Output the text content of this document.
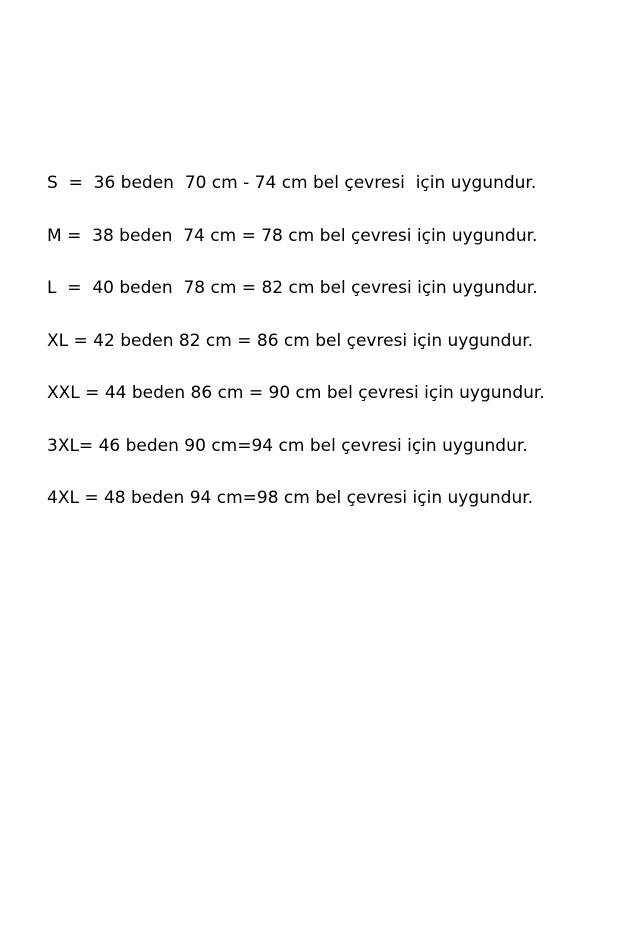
S  =  36 beden  70 cm - 74 cm bel çevresi  için uygundur.
M =  38 beden  74 cm = 78 cm bel çevresi için uygundur.
L  =  40 beden  78 cm = 82 cm bel çevresi için uygundur.
XL = 42 beden 82 cm = 86 cm bel çevresi için uygundur.
XXL = 44 beden 86 cm = 90 cm bel çevresi için uygundur.
3XL= 46 beden 90 cm=94 cm bel çevresi için uygundur.
4XL = 48 beden 94 cm=98 cm bel çevresi için uygundur.
